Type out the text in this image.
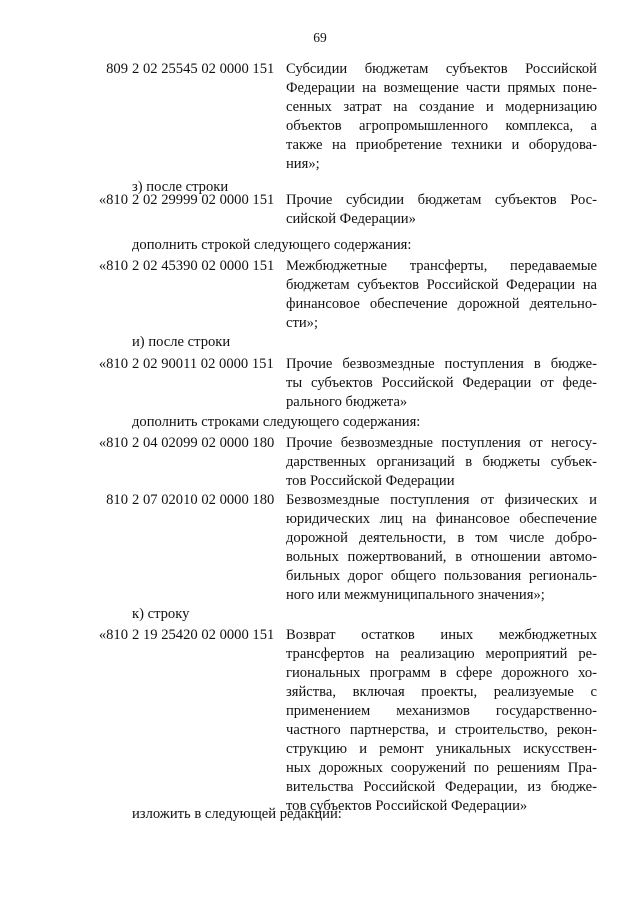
69
809 2 02 25545 02 0000 151 Субсидии бюджетам субъектов Российской
Федерации на возмещение части прямых поне-
сенных затрат на создание и модернизацию
объектов агропромышленного комплекса, а
также на приобретение техники и оборудова-
ния»;
з) после строки
«810 2 02 29999 02 0000 151 Прочие субсидии бюджетам субъектов Рос-
сийской Федерации»
дополнить строкой следующего содержания:
«810 2 02 45390 02 0000 151 Межбюджетные трансферты, передаваемые
бюджетам субъектов Российской Федерации на
финансовое обеспечение дорожной деятельно-
сти»;
и) после строки
«810 2 02 90011 02 0000 151 Прочие безвозмездные поступления в бюдже-
ты субъектов Российской Федерации от феде-
рального бюджета»
дополнить строками следующего содержания:
«810 2 04 02099 02 0000 180 Прочие безвозмездные поступления от негосу-
дарственных организаций в бюджеты субъек-
тов Российской Федерации
810 2 07 02010 02 0000 180 Безвозмездные поступления от физических и
юридических лиц на финансовое обеспечение
дорожной деятельности, в том числе добро-
вольных пожертвований, в отношении автомо-
бильных дорог общего пользования региональ-
ного или межмуниципального значения»;
к) строку
«810 2 19 25420 02 0000 151 Возврат остатков иных межбюджетных
трансфертов на реализацию мероприятий ре-
гиональных программ в сфере дорожного хо-
зяйства, включая проекты, реализуемые с
применением механизмов государственно-
частного партнерства, и строительство, рекон-
струкцию и ремонт уникальных искусствен-
ных дорожных сооружений по решениям Пра-
вительства Российской Федерации, из бюдже-
тов субъектов Российской Федерации»
изложить в следующей редакции:
